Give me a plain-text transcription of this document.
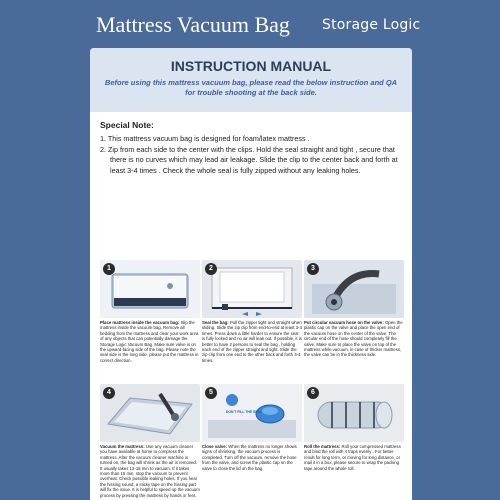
Mattress Vacuum Bag Storage Logic
INSTRUCTION MANUAL
Before using this mattress vacuum bag, please read the below instruction and QA for trouble shooting at the back side.
Special Note:
1. This mattress vacuum bag is designed for foam/latex mattress .
2. Zip from each side to the center with the clips. Hold the seal straight and tight , secure that there is no curves which may lead air leakage. Slide the clip to the center back and forth at least 3-4 times . Check the whole seal is fully zipped without any leaking holes.
1
Place mattress inside the vacuum bag: Slip the mattress inside the vacuum bag. Remove all bedding from the mattress and clear your work area of any objects that can potentially damage the Storage Logic Vacuum Bag. Make sure valve is on the upward-facing side of the bag. Please note the seal side is the long side, please put the mattress in correct direction.
2
Seal the bag: Pull the zipper tight and straight when sliding. Slide the zip clip from end-to-end at least 3-4 times. Press down a little harder to ensure the seal is fully locked and no air will leak out. If possible, it is better to have 2 persons to seal the bag , holding each end of the zipper straight and tight. Slide the zip clip from one end to the other back and forth 3-4 times.
3
Put circular vacuum hose on the valve: Open the plastic cap on the valve and place the open end of the vacuum hose on the center of the valve. The circular end of the hose should completely fill the valve. Make sure to place the valve on top of the mattress while vacuum, in case of thicker mattress, the valve can be in the thickness side.
4
Vacuum the mattress: Use any vacuum cleaner you have available at home to compress the mattress. After the vacuum cleaner machine is turned on, the bag will shrink as the air is removed. It usually takes 12-15 min to vacuum. If it takes more than 15 min, stop the vacuum to prevent overheat. Check possible leaking holes. If you hear the hissing sound, a sticky tape on the hissing part will fix the issue. It is helpful to speed up the vacuum process by pressing the mattress by hands or feet.
5
DON'T FILL THE SEAL
Close valve: When the mattress no longer shows signs of shrinking, the vacuum process is completed. Turn off the vacuum, remove the hose from the valve, and screw the plastic cap on the valve to close the lid on the bag.
6
Roll the mattress: Roll your compressed mattress and bind the roll with 4 traps evenly . For better result for long term, or moving for long distance, or mail it in a box, please secure to wrap the packing tape around the whole roll.
